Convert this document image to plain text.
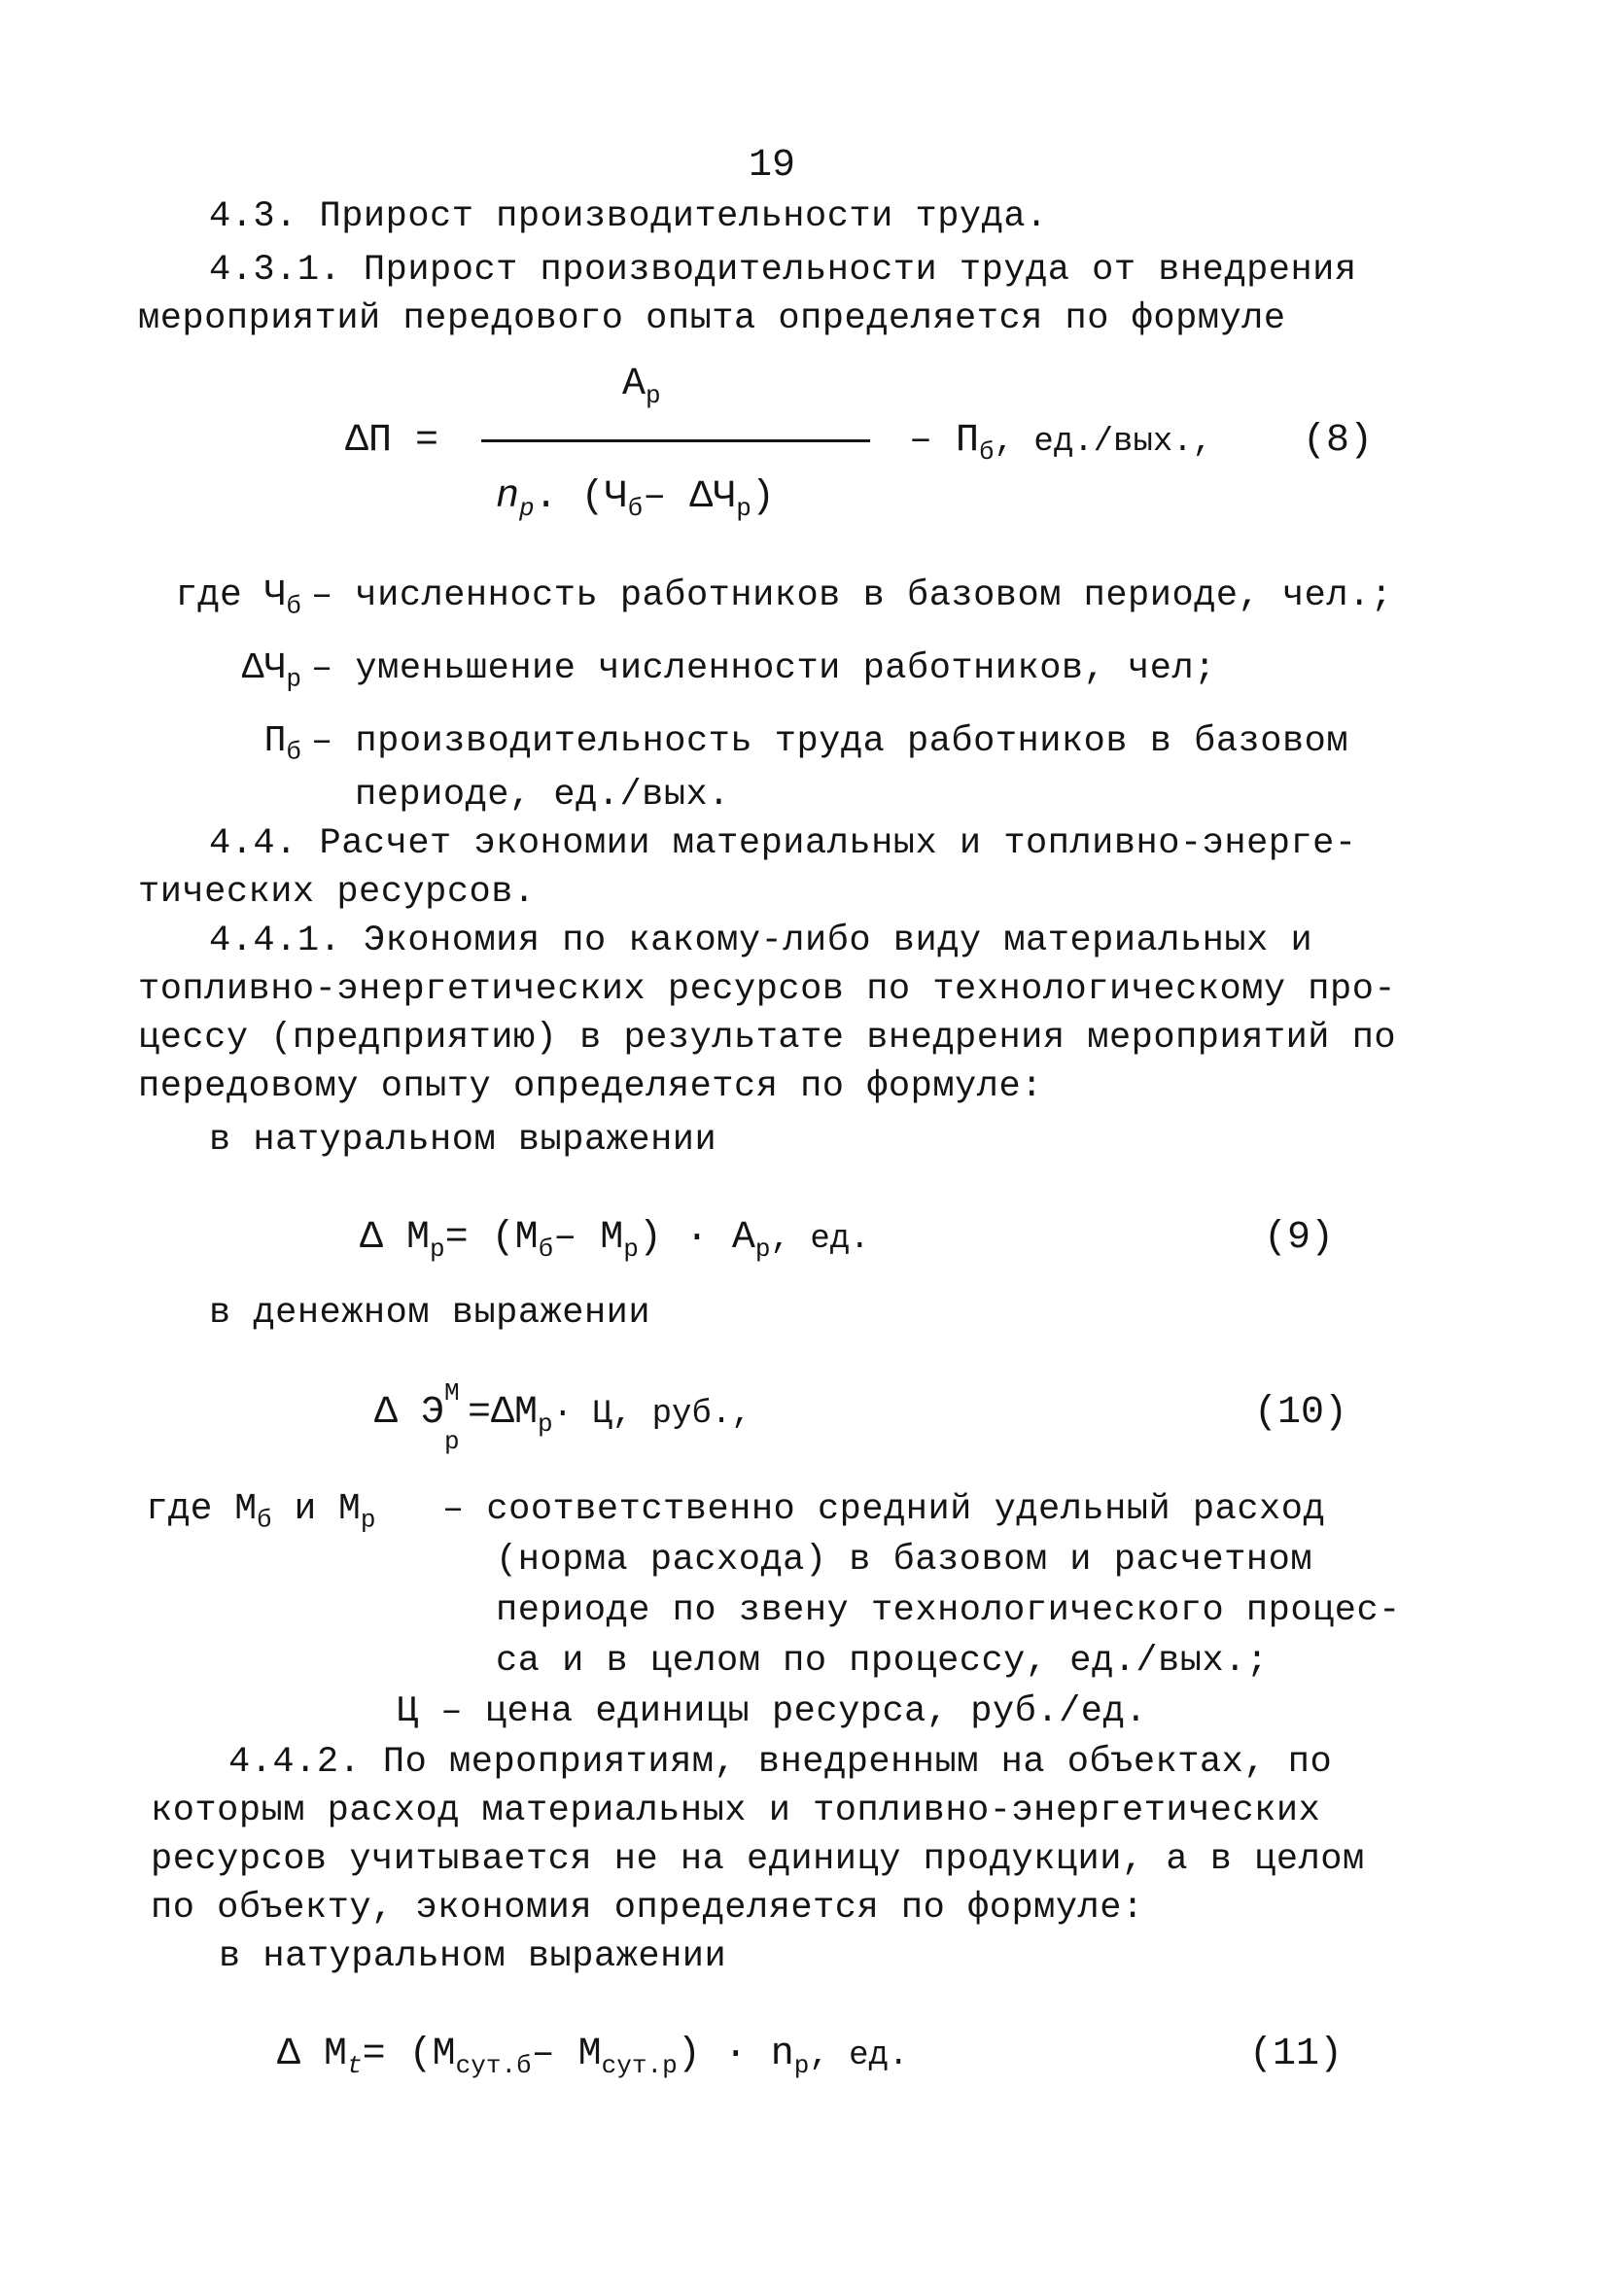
19
4.3. Прирост производительности труда.
4.3.1. Прирост производительности труда от внедрения
мероприятий передового опыта определяется по формуле
ΔП =
$А_р$
$n_р$. ($Ч_б-$ $\Delta Ч_р$)
– $П_б$, ед./вых., (8)
где $Ч_б$ – численность работников в базовом периоде, чел.;
$\Delta Ч_р$ – уменьшение численности работников, чел;
$П_б$ – производительность труда работников в базовом
периоде, ед./вых.
4.4. Расчет экономии материальных и топливно-энерге-
тических ресурсов.
4.4.1. Экономия по какому-либо виду материальных и
топливно-энергетических ресурсов по технологическому про-
цессу (предприятию) в результате внедрения мероприятий по
передовому опыту определяется по формуле:
в натуральном выражении
Δ $М_р= (М_б-$ $М_р) \cdot А_р$, ед.	(9)
в денежном выражении
Δ Э М
р
$=\Delta М_р\cdot Ц$, руб.,	(10)
где $М_б$ и $М_р$ – соответственно средний удельный расход
(норма расхода) в базовом и расчетном
периоде по звену технологического процес-
са и в целом по процессу, ед./вых.;
Ц – цена единицы ресурса, руб./ед.
4.4.2. По мероприятиям, внедренным на объектах, по
которым расход материальных и топливно-энергетических
ресурсов учитывается не на единицу продукции, а в целом
по объекту, экономия определяется по формуле:
в натуральном выражении
Δ $М_t= (М_{сут.б}-$ $М_{сут.р}) \cdot n_р$, ед.	(11)
